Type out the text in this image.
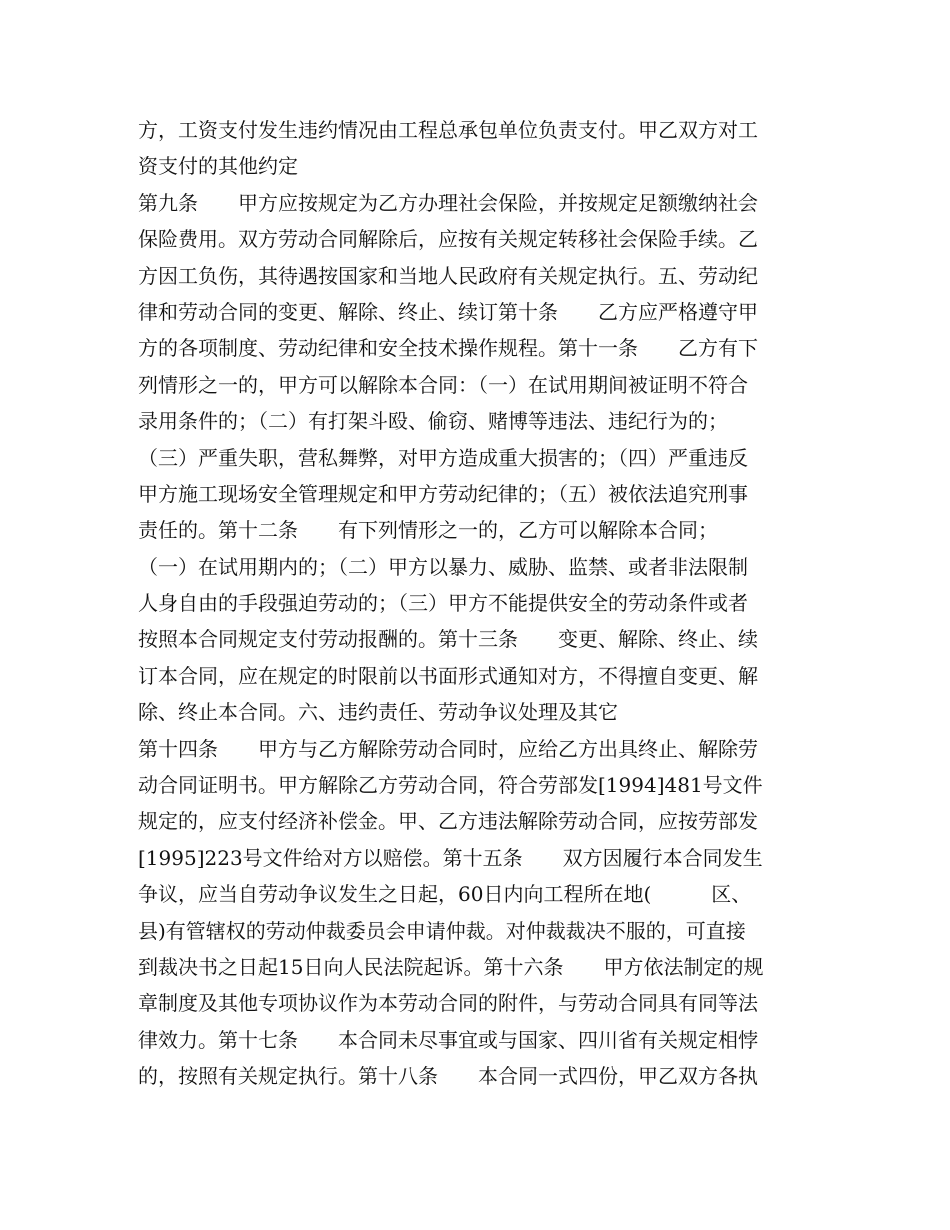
方，工资支付发生违约情况由工程总承包单位负责支付。甲乙双方对工
资支付的其他约定
第九条　　甲方应按规定为乙方办理社会保险，并按规定足额缴纳社会
保险费用。双方劳动合同解除后，应按有关规定转移社会保险手续。乙
方因工负伤，其待遇按国家和当地人民政府有关规定执行。五、劳动纪
律和劳动合同的变更、解除、终止、续订第十条　　乙方应严格遵守甲
方的各项制度、劳动纪律和安全技术操作规程。第十一条　　乙方有下
列情形之一的，甲方可以解除本合同：（一）在试用期间被证明不符合
录用条件的；（二）有打架斗殴、偷窃、赌博等违法、违纪行为的；
（三）严重失职，营私舞弊，对甲方造成重大损害的；（四）严重违反
甲方施工现场安全管理规定和甲方劳动纪律的；（五）被依法追究刑事
责任的。第十二条　　有下列情形之一的，乙方可以解除本合同；
（一）在试用期内的；（二）甲方以暴力、威胁、监禁、或者非法限制
人身自由的手段强迫劳动的；（三）甲方不能提供安全的劳动条件或者
按照本合同规定支付劳动报酬的。第十三条　　变更、解除、终止、续
订本合同，应在规定的时限前以书面形式通知对方，不得擅自变更、解
除、终止本合同。六、违约责任、劳动争议处理及其它
第十四条　　甲方与乙方解除劳动合同时，应给乙方出具终止、解除劳
动合同证明书。甲方解除乙方劳动合同，符合劳部发[1994]481号文件
规定的，应支付经济补偿金。甲、乙方违法解除劳动合同，应按劳部发
[1995]223号文件给对方以赔偿。第十五条　　双方因履行本合同发生
争议，应当自劳动争议发生之日起，60日内向工程所在地(　　　区、
县)有管辖权的劳动仲裁委员会申请仲裁。对仲裁裁决不服的，可直接
到裁决书之日起15日向人民法院起诉。第十六条　　甲方依法制定的规
章制度及其他专项协议作为本劳动合同的附件，与劳动合同具有同等法
律效力。第十七条　　本合同未尽事宜或与国家、四川省有关规定相悖
的，按照有关规定执行。第十八条　　本合同一式四份，甲乙双方各执
